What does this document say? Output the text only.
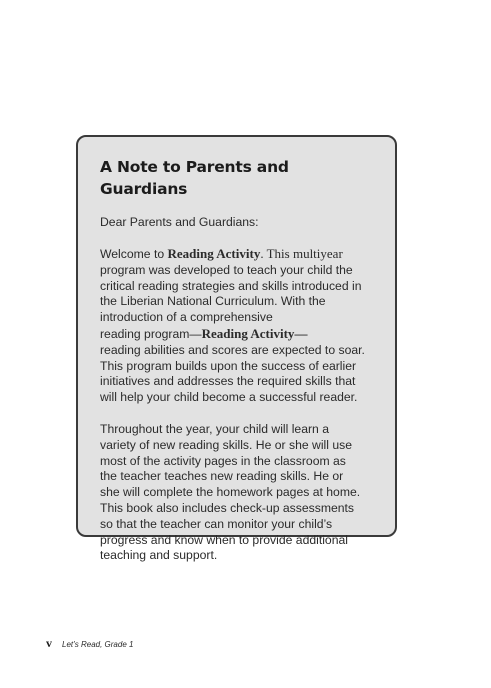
A Note to Parents and Guardians

Dear Parents and Guardians:

Welcome to Reading Activity. This multiyear
program was developed to teach your child the
critical reading strategies and skills introduced in
the Liberian National Curriculum. With the
introduction of a comprehensive
reading program—Reading Activity—
reading abilities and scores are expected to soar.
This program builds upon the success of earlier
initiatives and addresses the required skills that
will help your child become a successful reader.

Throughout the year, your child will learn a
variety of new reading skills. He or she will use
most of the activity pages in the classroom as
the teacher teaches new reading skills. He or
she will complete the homework pages at home.
This book also includes check-up assessments
so that the teacher can monitor your child’s
progress and know when to provide additional
teaching and support.

v Let’s Read, Grade 1
